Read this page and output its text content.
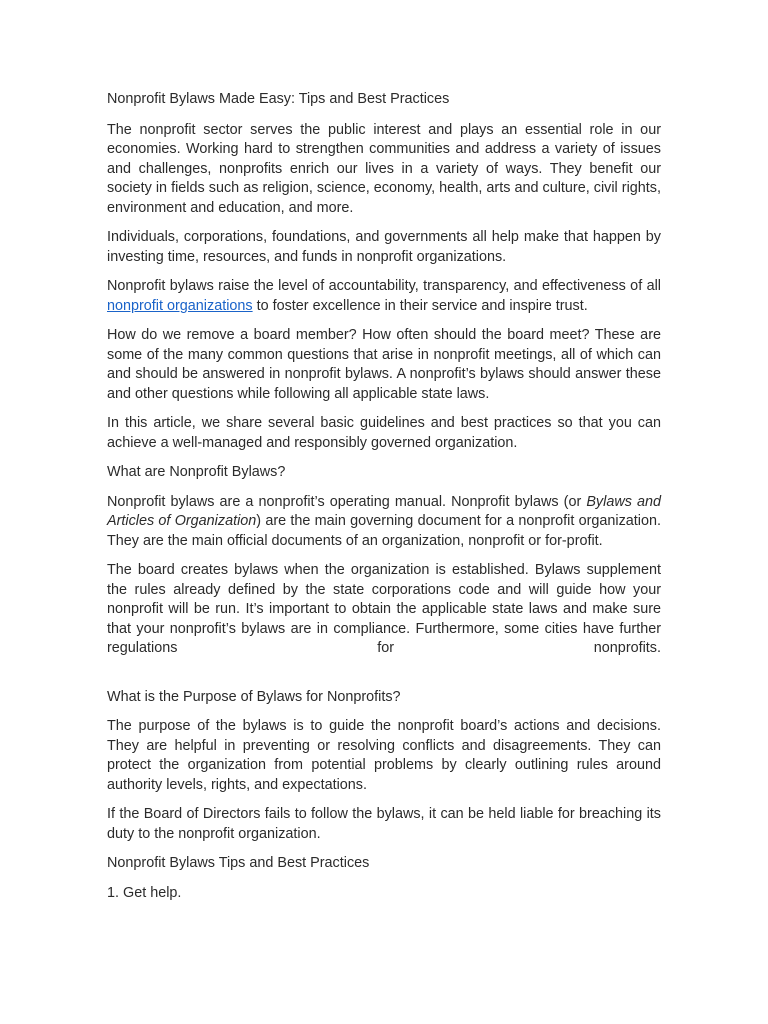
Nonprofit Bylaws Made Easy: Tips and Best Practices

The nonprofit sector serves the public interest and plays an essential role in our economies. Working hard to strengthen communities and address a variety of issues and challenges, nonprofits enrich our lives in a variety of ways. They benefit our society in fields such as religion, science, economy, health, arts and culture, civil rights, environment and education, and more.

Individuals, corporations, foundations, and governments all help make that happen by investing time, resources, and funds in nonprofit organizations.

Nonprofit bylaws raise the level of accountability, transparency, and effectiveness of all nonprofit organizations to foster excellence in their service and inspire trust.

How do we remove a board member? How often should the board meet? These are some of the many common questions that arise in nonprofit meetings, all of which can and should be answered in nonprofit bylaws. A nonprofit’s bylaws should answer these and other questions while following all applicable state laws.

In this article, we share several basic guidelines and best practices so that you can achieve a well-managed and responsibly governed organization.

What are Nonprofit Bylaws?

Nonprofit bylaws are a nonprofit’s operating manual. Nonprofit bylaws (or Bylaws and Articles of Organization) are the main governing document for a nonprofit organization. They are the main official documents of an organization, nonprofit or for-profit.

The board creates bylaws when the organization is established. Bylaws supplement the rules already defined by the state corporations code and will guide how your nonprofit will be run. It’s important to obtain the applicable state laws and make sure that your nonprofit’s bylaws are in compliance. Furthermore, some cities have further regulations for nonprofits.

What is the Purpose of Bylaws for Nonprofits?

The purpose of the bylaws is to guide the nonprofit board’s actions and decisions. They are helpful in preventing or resolving conflicts and disagreements. They can protect the organization from potential problems by clearly outlining rules around authority levels, rights, and expectations.

If the Board of Directors fails to follow the bylaws, it can be held liable for breaching its duty to the nonprofit organization.

Nonprofit Bylaws Tips and Best Practices

1. Get help.
